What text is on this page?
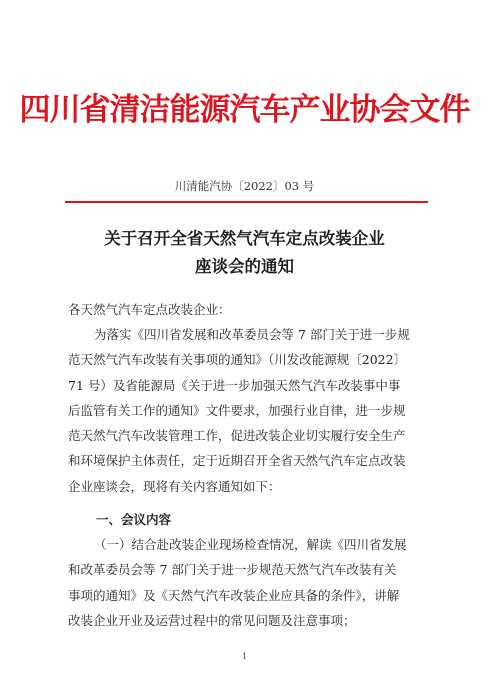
四川省清洁能源汽车产业协会文件
川清能汽协〔2022〕03 号
关于召开全省天然气汽车定点改装企业
座谈会的通知
各天然气汽车定点改装企业：
为落实《四川省发展和改革委员会等 7 部门关于进一步规
范天然气汽车改装有关事项的通知》（川发改能源规〔2022〕
71 号）及省能源局《关于进一步加强天然气汽车改装事中事
后监管有关工作的通知》文件要求，加强行业自律，进一步规
范天然气汽车改装管理工作，促进改装企业切实履行安全生产
和环境保护主体责任，定于近期召开全省天然气汽车定点改装
企业座谈会，现将有关内容通知如下：
一、会议内容
（一）结合赴改装企业现场检查情况，解读《四川省发展
和改革委员会等 7 部门关于进一步规范天然气汽车改装有关
事项的通知》及《天然气汽车改装企业应具备的条件》，讲解
改装企业开业及运营过程中的常见问题及注意事项；
1
